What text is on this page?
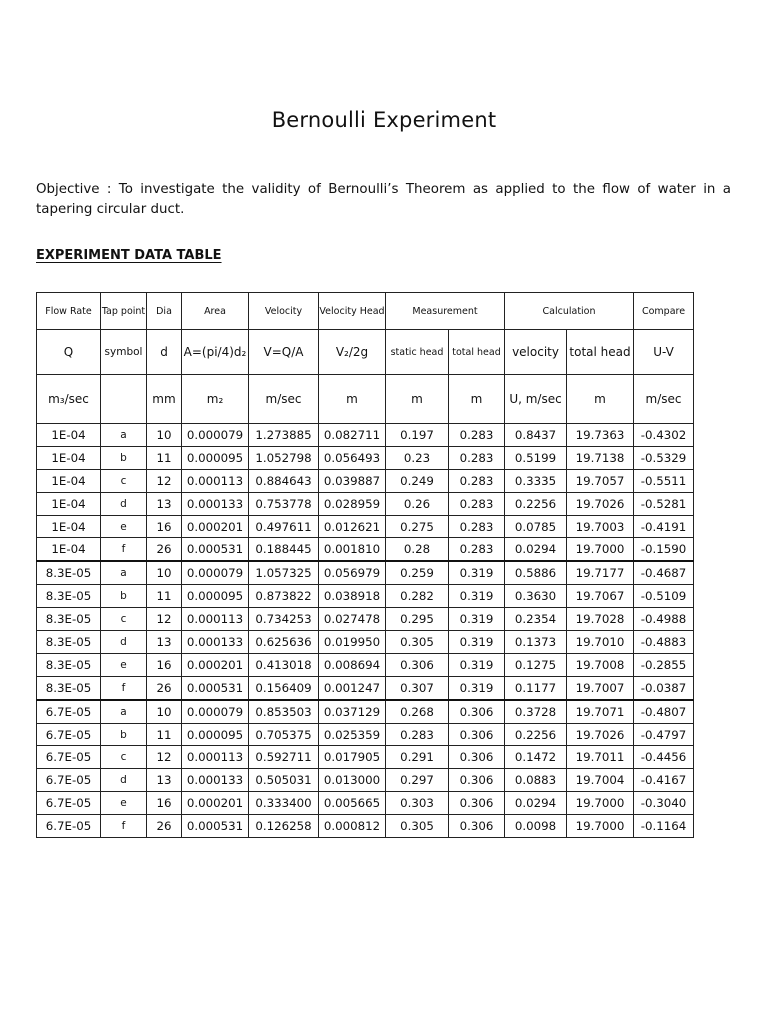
Bernoulli Experiment
Objective : To investigate the validity of Bernoulli’s Theorem as applied to the flow of water in a tapering circular duct.
EXPERIMENT DATA TABLE
Flow Rate	Tap point	Dia	Area	Velocity	Velocity Head	Measurement		Calculation		Compare
Q	symbol	d	A=(pi/4)d₂	V=Q/A	V₂/2g	static head	total head	velocity	total head	U-V
m₃/sec		mm	m₂	m/sec	m	m	m	U, m/sec	m	m/sec
1E-04	a	10	0.000079	1.273885	0.082711	0.197	0.283	0.8437	19.7363	-0.4302
1E-04	b	11	0.000095	1.052798	0.056493	0.23	0.283	0.5199	19.7138	-0.5329
1E-04	c	12	0.000113	0.884643	0.039887	0.249	0.283	0.3335	19.7057	-0.5511
1E-04	d	13	0.000133	0.753778	0.028959	0.26	0.283	0.2256	19.7026	-0.5281
1E-04	e	16	0.000201	0.497611	0.012621	0.275	0.283	0.0785	19.7003	-0.4191
1E-04	f	26	0.000531	0.188445	0.001810	0.28	0.283	0.0294	19.7000	-0.1590
8.3E-05	a	10	0.000079	1.057325	0.056979	0.259	0.319	0.5886	19.7177	-0.4687
8.3E-05	b	11	0.000095	0.873822	0.038918	0.282	0.319	0.3630	19.7067	-0.5109
8.3E-05	c	12	0.000113	0.734253	0.027478	0.295	0.319	0.2354	19.7028	-0.4988
8.3E-05	d	13	0.000133	0.625636	0.019950	0.305	0.319	0.1373	19.7010	-0.4883
8.3E-05	e	16	0.000201	0.413018	0.008694	0.306	0.319	0.1275	19.7008	-0.2855
8.3E-05	f	26	0.000531	0.156409	0.001247	0.307	0.319	0.1177	19.7007	-0.0387
6.7E-05	a	10	0.000079	0.853503	0.037129	0.268	0.306	0.3728	19.7071	-0.4807
6.7E-05	b	11	0.000095	0.705375	0.025359	0.283	0.306	0.2256	19.7026	-0.4797
6.7E-05	c	12	0.000113	0.592711	0.017905	0.291	0.306	0.1472	19.7011	-0.4456
6.7E-05	d	13	0.000133	0.505031	0.013000	0.297	0.306	0.0883	19.7004	-0.4167
6.7E-05	e	16	0.000201	0.333400	0.005665	0.303	0.306	0.0294	19.7000	-0.3040
6.7E-05	f	26	0.000531	0.126258	0.000812	0.305	0.306	0.0098	19.7000	-0.1164
